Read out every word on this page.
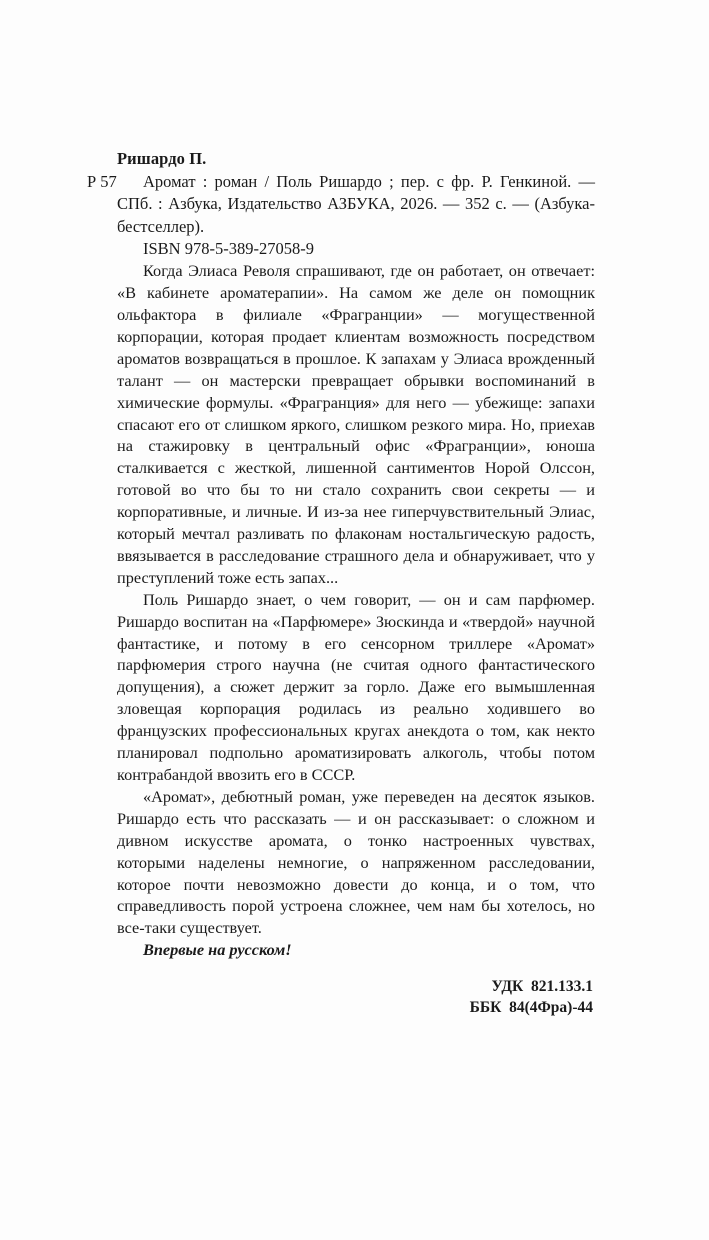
Ришардо П.
Р 57	Аромат : роман / Поль Ришардо ; пер. с фр. Р. Генкиной. — СПб. : Азбука, Издательство АЗБУКА, 2026. — 352 с. — (Азбука-бестселлер).

ISBN 978-5-389-27058-9

Когда Элиаса Револя спрашивают, где он работает, он отвечает: «В кабинете ароматерапии». На самом же деле он помощник ольфактора в филиале «Фрагранции» — могущественной корпорации, которая продает клиентам возможность посредством ароматов возвращаться в прошлое. К запахам у Элиаса врожденный талант — он мастерски превращает обрывки воспоминаний в химические формулы. «Фрагранция» для него — убежище: запахи спасают его от слишком яркого, слишком резкого мира. Но, приехав на стажировку в центральный офис «Фрагранции», юноша сталкивается с жесткой, лишенной сантиментов Норой Олссон, готовой во что бы то ни стало сохранить свои секреты — и корпоративные, и личные. И из-за нее гиперчувствительный Элиас, который мечтал разливать по флаконам ностальгическую радость, ввязывается в расследование страшного дела и обнаруживает, что у преступлений тоже есть запах...

Поль Ришардо знает, о чем говорит, — он и сам парфюмер. Ришардо воспитан на «Парфюмере» Зюскинда и «твердой» научной фантастике, и потому в его сенсорном триллере «Аромат» парфюмерия строго научна (не считая одного фантастического допущения), а сюжет держит за горло. Даже его вымышленная зловещая корпорация родилась из реально ходившего во французских профессиональных кругах анекдота о том, как некто планировал подпольно ароматизировать алкоголь, чтобы потом контрабандой ввозить его в СССР.

«Аромат», дебютный роман, уже переведен на десяток языков. Ришардо есть что рассказать — и он рассказывает: о сложном и дивном искусстве аромата, о тонко настроенных чувствах, которыми наделены немногие, о напряженном расследовании, которое почти невозможно довести до конца, и о том, что справедливость порой устроена сложнее, чем нам бы хотелось, но все-таки существует.

Впервые на русском!

УДК  821.133.1
ББК  84(4Фра)-44
